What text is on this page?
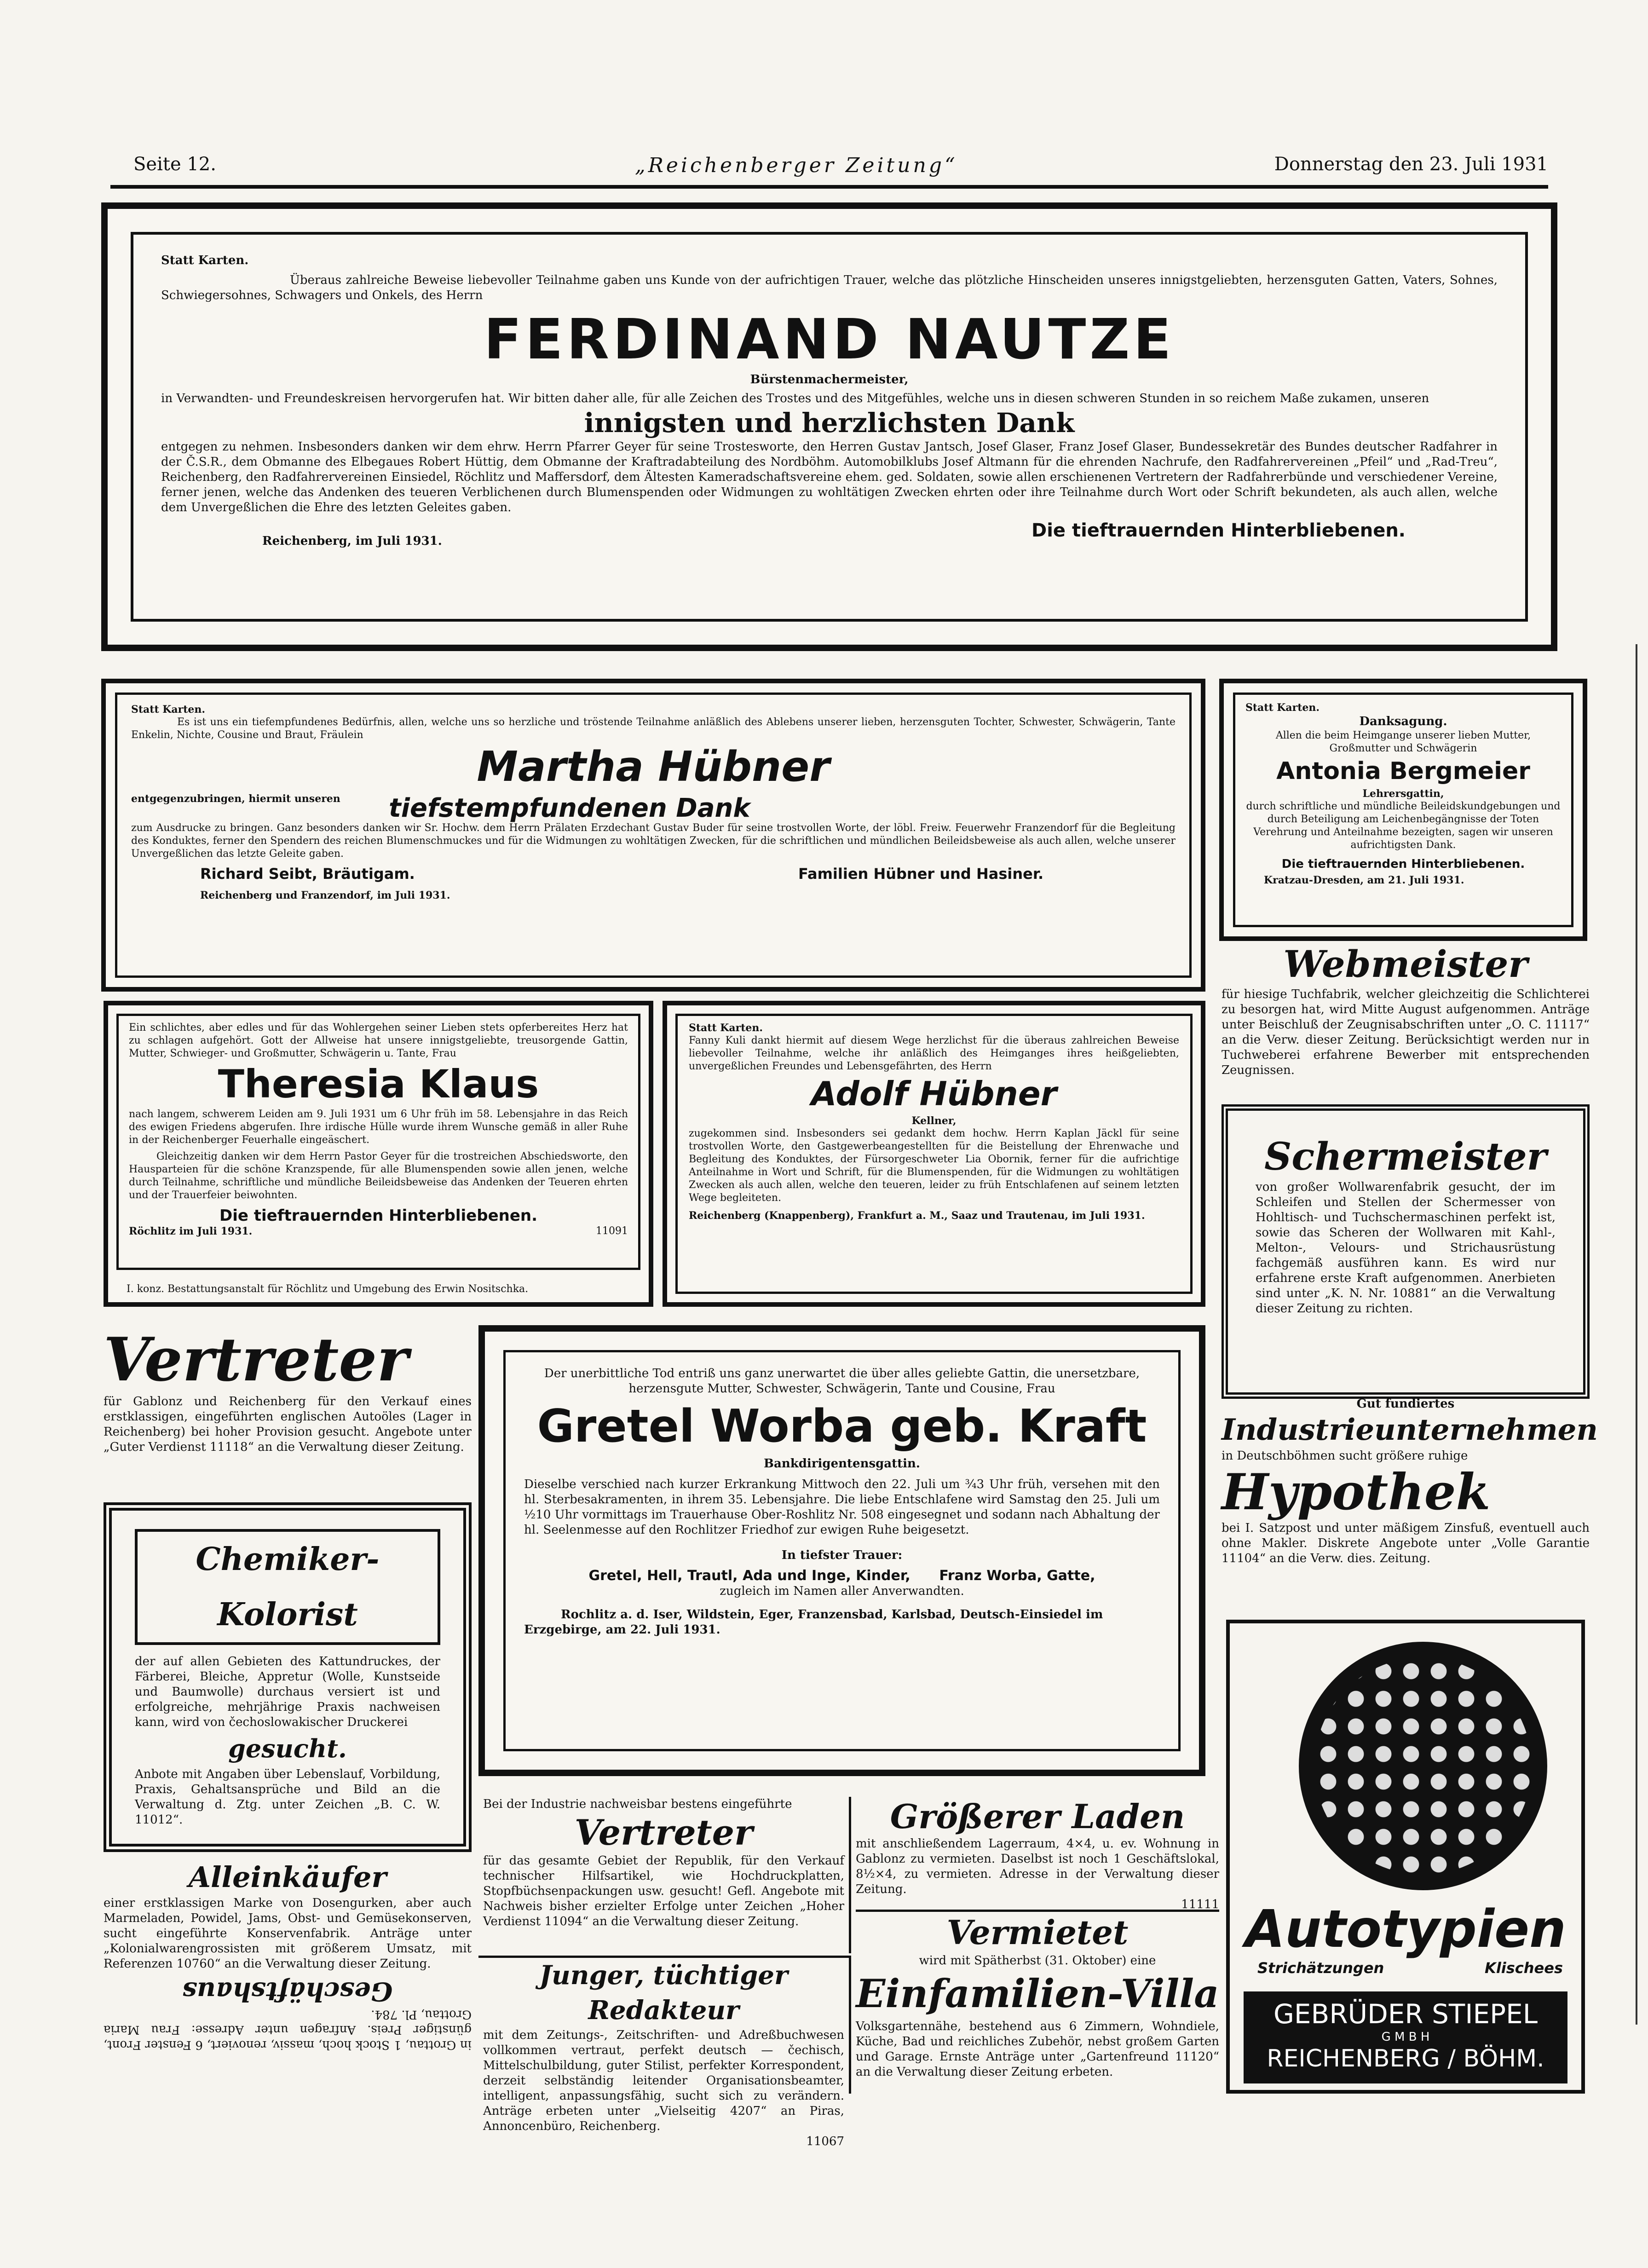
Seite 12.	„Reichenberger Zeitung“	Donnerstag den 23. Juli 1931
Statt Karten.
Überaus zahlreiche Beweise liebevoller Teilnahme gaben uns Kunde von der aufrichtigen Trauer, welche das plötzliche Hinscheiden unseres innigstgeliebten, herzensguten Gatten, Vaters, Sohnes, Schwiegersohnes, Schwagers und Onkels, des Herrn
FERDINAND NAUTZE
Bürstenmachermeister,
in Verwandten- und Freundeskreisen hervorgerufen hat. Wir bitten daher alle, für alle Zeichen des Trostes und des Mitgefühles, welche uns in diesen schweren Stunden in so reichem Maße zukamen, unseren
innigsten und herzlichsten Dank
entgegen zu nehmen. Insbesonders danken wir dem ehrw. Herrn Pfarrer Geyer für seine Trostesworte, den Herren Gustav Jantsch, Josef Glaser, Franz Josef Glaser, Bundessekretär des Bundes deutscher Radfahrer in der Č.S.R., dem Obmanne des Elbegaues Robert Hüttig, dem Obmanne der Kraftradabteilung des Nordböhm. Automobilklubs Josef Altmann für die ehrenden Nachrufe, den Radfahrervereinen „Pfeil“ und „Rad-Treu“, Reichenberg, den Radfahrervereinen Einsiedel, Röchlitz und Maffersdorf, dem Ältesten Kameradschaftsvereine ehem. ged. Soldaten, sowie allen erschienenen Vertretern der Radfahrerbünde und verschiedener Vereine, ferner jenen, welche das Andenken des teueren Verblichenen durch Blumenspenden oder Widmungen zu wohltätigen Zwecken ehrten oder ihre Teilnahme durch Wort oder Schrift bekundeten, als auch allen, welche dem Unvergeßlichen die Ehre des letzten Geleites gaben.
Reichenberg, im Juli 1931.	Die tieftrauernden Hinterbliebenen.
Statt Karten.
Es ist uns ein tiefempfundenes Bedürfnis, allen, welche uns so herzliche und tröstende Teilnahme anläßlich des Ablebens unserer lieben, herzensguten Tochter, Schwester, Schwägerin, Tante Enkelin, Nichte, Cousine und Braut, Fräulein
Martha Hübner
entgegenzubringen, hiermit unseren tiefstempfundenen Dank
zum Ausdrucke zu bringen. Ganz besonders danken wir Sr. Hochw. dem Herrn Prälaten Erzdechant Gustav Buder für seine trostvollen Worte, der löbl. Freiw. Feuerwehr Franzendorf für die Begleitung des Konduktes, ferner den Spendern des reichen Blumenschmuckes und für die Widmungen zu wohltätigen Zwecken, für die schriftlichen und mündlichen Beileidsbeweise als auch allen, welche unserer Unvergeßlichen das letzte Geleite gaben.
Richard Seibt, Bräutigam.	Familien Hübner und Hasiner.
Reichenberg und Franzendorf, im Juli 1931.
Statt Karten.
Danksagung.
Allen die beim Heimgange unserer lieben Mutter, Großmutter und Schwägerin
Antonia Bergmeier
Lehrersgattin,
durch schriftliche und mündliche Beileidskundgebungen und durch Beteiligung am Leichenbegängnisse der Toten Verehrung und Anteilnahme bezeigten, sagen wir unseren aufrichtigsten Dank.
Die tieftrauernden Hinterbliebenen.
Kratzau-Dresden, am 21. Juli 1931.
Webmeister
für hiesige Tuchfabrik, welcher gleichzeitig die Schlichterei zu besorgen hat, wird Mitte August aufgenommen. Anträge unter Beischluß der Zeugnisabschriften unter „O. C. 11117“ an die Verw. dieser Zeitung. Berücksichtigt werden nur in Tuchweberei erfahrene Bewerber mit entsprechenden Zeugnissen.
Ein schlichtes, aber edles und für das Wohlergehen seiner Lieben stets opferbereites Herz hat zu schlagen aufgehört. Gott der Allweise hat unsere innigstgeliebte, treusorgende Gattin, Mutter, Schwieger- und Großmutter, Schwägerin u. Tante, Frau
Theresia Klaus
nach langem, schwerem Leiden am 9. Juli 1931 um 6 Uhr früh im 58. Lebensjahre in das Reich des ewigen Friedens abgerufen. Ihre irdische Hülle wurde ihrem Wunsche gemäß in aller Ruhe in der Reichenberger Feuerhalle eingeäschert.
Gleichzeitig danken wir dem Herrn Pastor Geyer für die trostreichen Abschiedsworte, den Hausparteien für die schöne Kranzspende, für alle Blumenspenden sowie allen jenen, welche durch Teilnahme, schriftliche und mündliche Beileidsbeweise das Andenken der Teueren ehrten und der Trauerfeier beiwohnten.
Die tieftrauernden Hinterbliebenen.
Röchlitz im Juli 1931.	11091
I. konz. Bestattungsanstalt für Röchlitz und Umgebung des Erwin Nositschka.
Statt Karten.
Fanny Kuli dankt hiermit auf diesem Wege herzlichst für die überaus zahlreichen Beweise liebevoller Teilnahme, welche ihr anläßlich des Heimganges ihres heißgeliebten, unvergeßlichen Freundes und Lebensgefährten, des Herrn
Adolf Hübner
Kellner,
zugekommen sind. Insbesonders sei gedankt dem hochw. Herrn Kaplan Jäckl für seine trostvollen Worte, den Gastgewerbeangestellten für die Beistellung der Ehrenwache und Begleitung des Konduktes, der Fürsorgeschweter Lia Obornik, ferner für die aufrichtige Anteilnahme in Wort und Schrift, für die Blumenspenden, für die Widmungen zu wohltätigen Zwecken als auch allen, welche den teueren, leider zu früh Entschlafenen auf seinem letzten Wege begleiteten.
Reichenberg (Knappenberg), Frankfurt a. M., Saaz und Trautenau, im Juli 1931.
Schermeister
von großer Wollwarenfabrik gesucht, der im Schleifen und Stellen der Schermesser von Hohltisch- und Tuchschermaschinen perfekt ist, sowie das Scheren der Wollwaren mit Kahl-, Melton-, Velours- und Strichausrüstung fachgemäß ausführen kann. Es wird nur erfahrene erste Kraft aufgenommen. Anerbieten sind unter „K. N. Nr. 10881“ an die Verwaltung dieser Zeitung zu richten.
Vertreter
für Gablonz und Reichenberg für den Verkauf eines erstklassigen, eingeführten englischen Autoöles (Lager in Reichenberg) bei hoher Provision gesucht. Angebote unter „Guter Verdienst 11118“ an die Verwaltung dieser Zeitung.
Der unerbittliche Tod entriß uns ganz unerwartet die über alles geliebte Gattin, die unersetzbare, herzensgute Mutter, Schwester, Schwägerin, Tante und Cousine, Frau
Gretel Worba geb. Kraft
Bankdirigentensgattin.
Dieselbe verschied nach kurzer Erkrankung Mittwoch den 22. Juli um ¾3 Uhr früh, versehen mit den hl. Sterbesakramenten, in ihrem 35. Lebensjahre. Die liebe Entschlafene wird Samstag den 25. Juli um ½10 Uhr vormittags im Trauerhause Ober-Roshlitz Nr. 508 eingesegnet und sodann nach Abhaltung der hl. Seelenmesse auf den Rochlitzer Friedhof zur ewigen Ruhe beigesetzt.
In tiefster Trauer:
Gretel, Hell, Trautl, Ada und Inge, Kinder,      Franz Worba, Gatte,
zugleich im Namen aller Anverwandten.
Rochlitz a. d. Iser, Wildstein, Eger, Franzensbad, Karlsbad, Deutsch-Einsiedel im Erzgebirge, am 22. Juli 1931.
Gut fundiertes
Industrieunternehmen
in Deutschböhmen sucht größere ruhige
Hypothek
bei I. Satzpost und unter mäßigem Zinsfuß, eventuell auch ohne Makler. Diskrete Angebote unter „Volle Garantie 11104“ an die Verw. dies. Zeitung.
Chemiker-Kolorist
der auf allen Gebieten des Kattundruckes, der Färberei, Bleiche, Appretur (Wolle, Kunstseide und Baumwolle) durchaus versiert ist und erfolgreiche, mehrjährige Praxis nachweisen kann, wird von čechoslowakischer Druckerei
gesucht.
Anbote mit Angaben über Lebenslauf, Vorbildung, Praxis, Gehaltsansprüche und Bild an die Verwaltung d. Ztg. unter Zeichen „B. C. W. 11012“.
Alleinkäufer
einer erstklassigen Marke von Dosengurken, aber auch Marmeladen, Powidel, Jams, Obst- und Gemüsekonserven, sucht eingeführte Konservenfabrik. Anträge unter „Kolonialwarengrossisten mit größerem Umsatz, mit Referenzen 10760“ an die Verwaltung dieser Zeitung.
in Grottau, 1 Stock hoch, massiv, renoviert, 6 Fenster Front, günstiger Preis. Anfragen unter Adresse: Frau Maria Grottau, Pl. 784.
Geschäftshaus
Bei der Industrie nachweisbar bestens eingeführte
Vertreter
für das gesamte Gebiet der Republik, für den Verkauf technischer Hilfsartikel, wie Hochdruckplatten, Stopfbüchsenpackungen usw. gesucht! Gefl. Angebote mit Nachweis bisher erzielter Erfolge unter Zeichen „Hoher Verdienst 11094“ an die Verwaltung dieser Zeitung.
Größerer Laden
mit anschließendem Lagerraum, 4×4, u. ev. Wohnung in Gablonz zu vermieten. Daselbst ist noch 1 Geschäftslokal, 8½×4, zu vermieten. Adresse in der Verwaltung dieser Zeitung.
11111
Junger, tüchtiger Redakteur
mit dem Zeitungs-, Zeitschriften- und Adreßbuchwesen vollkommen vertraut, perfekt deutsch — čechisch, Mittelschulbildung, guter Stilist, perfekter Korrespondent, derzeit selbständig leitender Organisationsbeamter, intelligent, anpassungsfähig, sucht sich zu verändern. Anträge erbeten unter „Vielseitig 4207“ an Piras, Annoncenbüro, Reichenberg.
11067
Vermietet
wird mit Spätherbst (31. Oktober) eine
Einfamilien-Villa
Volksgartennähe, bestehend aus 6 Zimmern, Wohndiele, Küche, Bad und reichliches Zubehör, nebst großem Garten und Garage. Ernste Anträge unter „Gartenfreund 11120“ an die Verwaltung dieser Zeitung erbeten.
Autotypien
Strichätzungen	Klischees
GEBRÜDER STIEPEL
G M B H
REICHENBERG / BÖHM.
